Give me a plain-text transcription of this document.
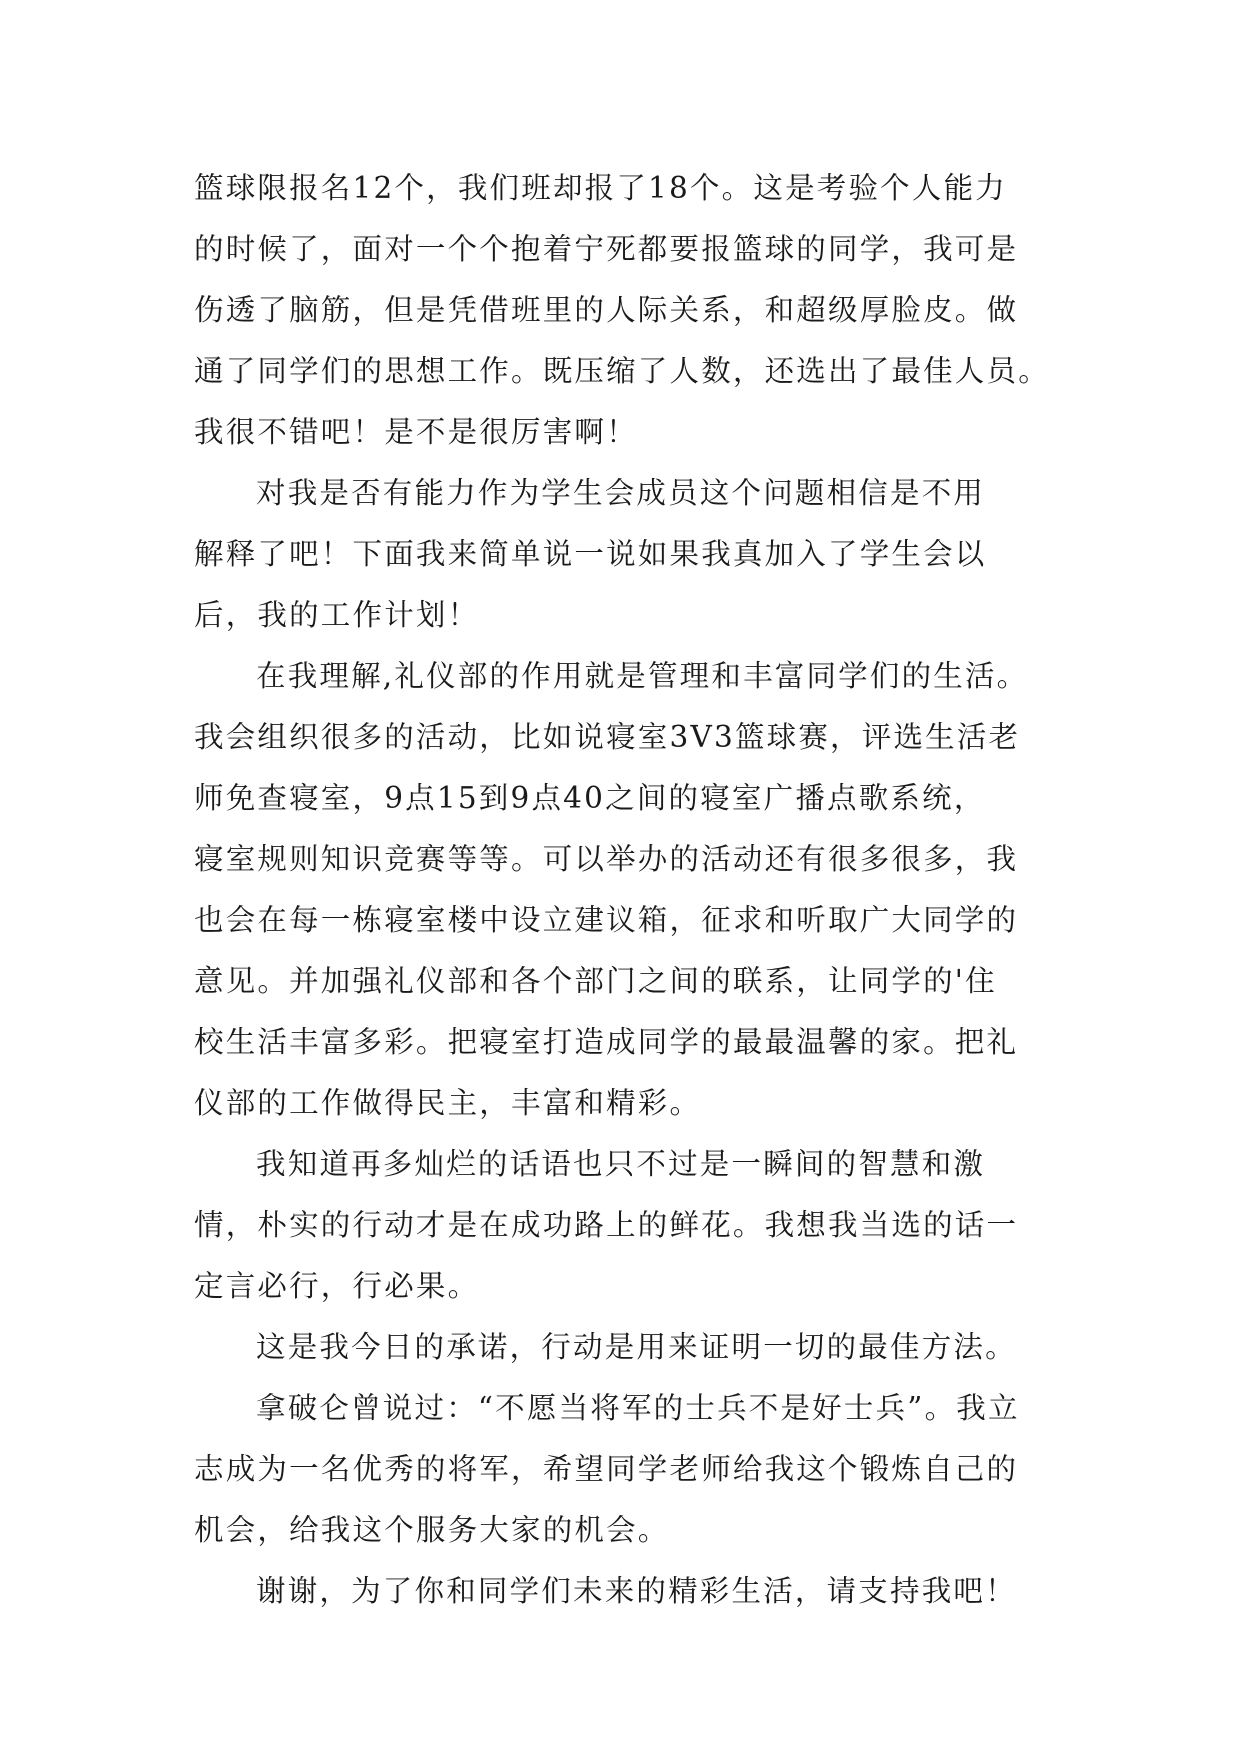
篮球限报名12个，我们班却报了18个。这是考验个人能力
的时候了，面对一个个抱着宁死都要报篮球的同学，我可是
伤透了脑筋，但是凭借班里的人际关系，和超级厚脸皮。做
通了同学们的思想工作。既压缩了人数，还选出了最佳人员。
我很不错吧！是不是很厉害啊！
对我是否有能力作为学生会成员这个问题相信是不用
解释了吧！下面我来简单说一说如果我真加入了学生会以
后，我的工作计划！
在我理解,礼仪部的作用就是管理和丰富同学们的生活。
我会组织很多的活动，比如说寝室3V3篮球赛，评选生活老
师免查寝室，9点15到9点40之间的寝室广播点歌系统，
寝室规则知识竞赛等等。可以举办的活动还有很多很多，我
也会在每一栋寝室楼中设立建议箱，征求和听取广大同学的
意见。并加强礼仪部和各个部门之间的联系，让同学的'住
校生活丰富多彩。把寝室打造成同学的最最温馨的家。把礼
仪部的工作做得民主，丰富和精彩。
我知道再多灿烂的话语也只不过是一瞬间的智慧和激
情，朴实的行动才是在成功路上的鲜花。我想我当选的话一
定言必行，行必果。
这是我今日的承诺，行动是用来证明一切的最佳方法。
拿破仑曾说过：“不愿当将军的士兵不是好士兵”。我立
志成为一名优秀的将军，希望同学老师给我这个锻炼自己的
机会，给我这个服务大家的机会。
谢谢，为了你和同学们未来的精彩生活，请支持我吧！
